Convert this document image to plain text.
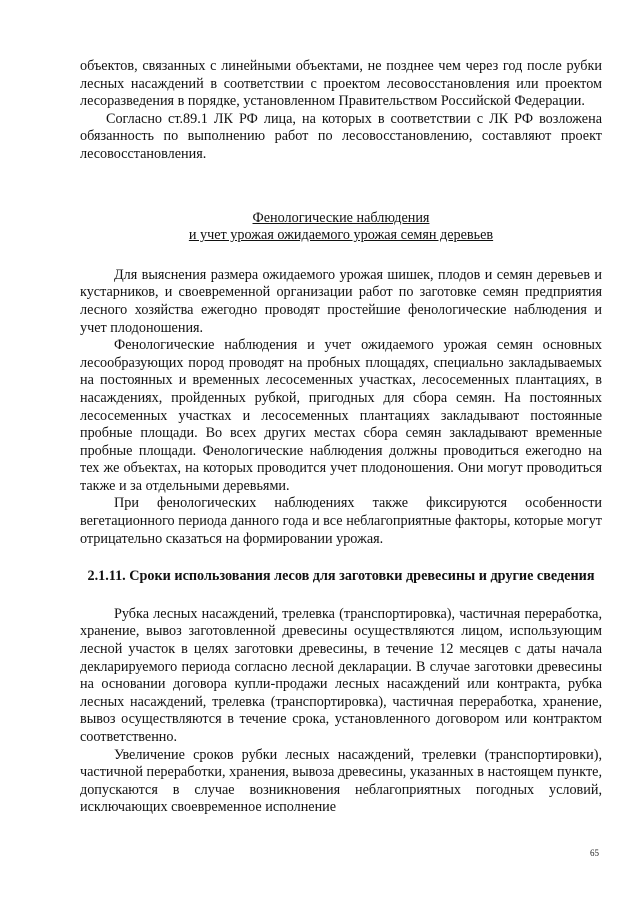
объектов, связанных с линейными объектами, не позднее чем через год после рубки лесных насаждений в соответствии с проектом лесовосстановления или проектом лесоразведения в порядке, установленном Правительством Российской Федерации.

Согласно ст.89.1 ЛК РФ лица, на которых в соответствии с ЛК РФ возложена обязанность по выполнению работ по лесовосстановлению, составляют проект лесовосстановления.

Фенологические наблюдения

и учет урожая ожидаемого урожая семян деревьев

Для выяснения размера ожидаемого урожая шишек, плодов и семян деревьев и кустарников, и своевременной организации работ по заготовке семян предприятия лесного хозяйства ежегодно проводят простейшие фенологические наблюдения и учет плодоношения.

Фенологические наблюдения и учет ожидаемого урожая семян основных лесообразующих пород проводят на пробных площадях, специально закладываемых на постоянных и временных лесосеменных участках, лесосеменных плантациях, в насаждениях, пройденных рубкой, пригодных для сбора семян. На постоянных лесосеменных участках и лесосеменных плантациях закладывают постоянные пробные площади. Во всех других местах сбора семян закладывают временные пробные площади. Фенологические наблюдения должны проводиться ежегодно на тех же объектах, на которых проводится учет плодоношения. Они могут проводиться также и за отдельными деревьями.

При фенологических наблюдениях также фиксируются особенности вегетационного периода данного года и все неблагоприятные факторы, которые могут отрицательно сказаться на формировании урожая.

2.1.11. Сроки использования лесов для заготовки древесины и другие сведения

Рубка лесных насаждений, трелевка (транспортировка), частичная переработка, хранение, вывоз заготовленной древесины осуществляются лицом, использующим лесной участок в целях заготовки древесины, в течение 12 месяцев с даты начала декларируемого периода согласно лесной декларации. В случае заготовки древесины на основании договора купли-продажи лесных насаждений или контракта, рубка лесных насаждений, трелевка (транспортировка), частичная переработка, хранение, вывоз осуществляются в течение срока, установленного договором или контрактом соответственно.

Увеличение сроков рубки лесных насаждений, трелевки (транспортировки), частичной переработки, хранения, вывоза древесины, указанных в настоящем пункте, допускаются в случае возникновения неблагоприятных погодных условий, исключающих своевременное исполнение

65
